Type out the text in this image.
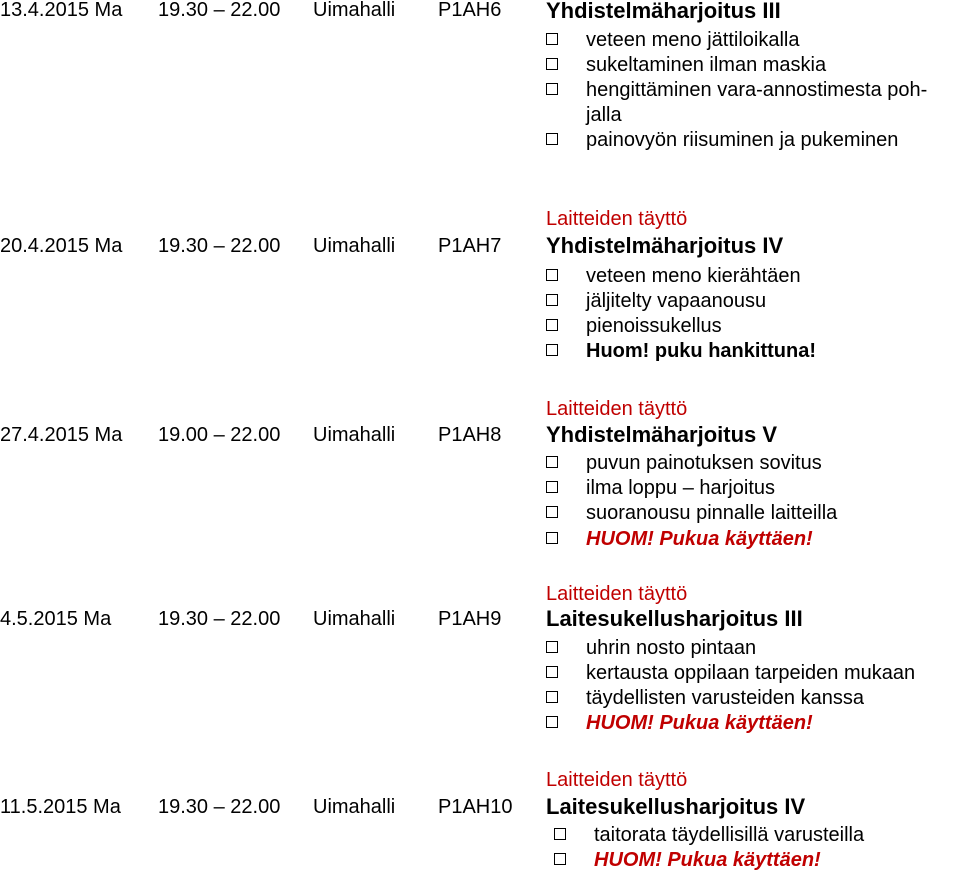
13.4.2015 Ma 19.30 – 22.00 Uimahalli P1AH6 Yhdistelmäharjoitus III
veteen meno jättiloikalla
sukeltaminen ilman maskia
hengittäminen vara-annostimesta poh-
jalla
painovyön riisuminen ja pukeminen
Laitteiden täyttö
20.4.2015 Ma 19.30 – 22.00 Uimahalli P1AH7 Yhdistelmäharjoitus IV
veteen meno kierähtäen
jäljitelty vapaanousu
pienoissukellus
Huom! puku hankittuna!
Laitteiden täyttö
27.4.2015 Ma 19.00 – 22.00 Uimahalli P1AH8 Yhdistelmäharjoitus V
puvun painotuksen sovitus
ilma loppu – harjoitus
suoranousu pinnalle laitteilla
HUOM! Pukua käyttäen!
Laitteiden täyttö
4.5.2015 Ma 19.30 – 22.00 Uimahalli P1AH9 Laitesukellusharjoitus III
uhrin nosto pintaan
kertausta oppilaan tarpeiden mukaan
täydellisten varusteiden kanssa
HUOM! Pukua käyttäen!
Laitteiden täyttö
11.5.2015 Ma 19.30 – 22.00 Uimahalli P1AH10 Laitesukellusharjoitus IV
taitorata täydellisillä varusteilla
HUOM! Pukua käyttäen!
